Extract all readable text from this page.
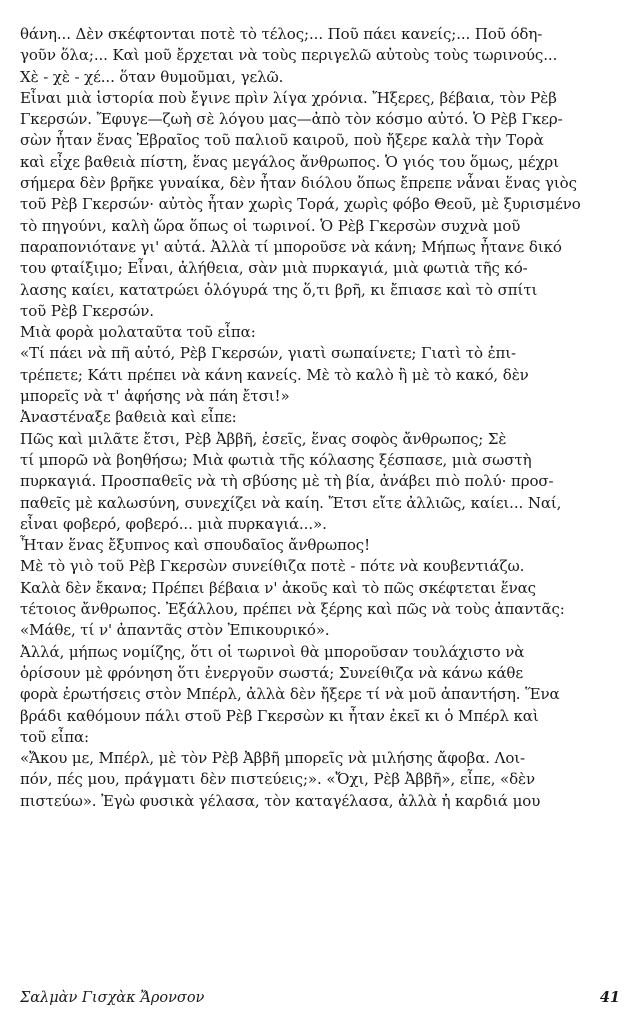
θάνη... Δὲν σκέφτονται ποτὲ τὸ τέλος;... Ποῦ πάει κανείς;... Ποῦ όδη-
γοῦν ὅλα;... Καὶ μοῦ ἔρχεται νὰ τοὺς περιγελῶ αὐτοὺς τοὺς τωρινούς...
Χὲ - χὲ - χέ... ὅταν θυμοῦμαι, γελῶ.
Εἶναι μιὰ ἱστορία ποὺ ἔγινε πρὶν λίγα χρόνια. Ἤξερες, βέβαια, τὸν Ρὲβ
Γκερσών. Ἔφυγε—ζωὴ σὲ λόγου μας—ἀπὸ τὸν κόσμο αὐτό. Ὁ Ρὲβ Γκερ-
σὼν ἦταν ἕνας Ἑβραῖος τοῦ παλιοῦ καιροῦ, ποὺ ἤξερε καλὰ τὴν Τορὰ
καὶ εἶχε βαθειὰ πίστη, ἕνας μεγάλος ἄνθρωπος. Ὁ γιός του ὅμως, μέχρι
σήμερα δὲν βρῆκε γυναίκα, δὲν ἦταν διόλου ὅπως ἔπρεπε νἆναι ἕνας γιὸς
τοῦ Ρὲβ Γκερσών· αὐτὸς ἦταν χωρὶς Τορά, χωρὶς φόβο Θεοῦ, μὲ ξυρισμένο
τὸ πηγούνι, καλὴ ὥρα ὅπως οἱ τωρινοί. Ὁ Ρὲβ Γκερσὼν συχνὰ μοῦ
παραπονιότανε γι' αὐτά. Ἀλλὰ τί μποροῦσε νὰ κάνη; Μήπως ἦτανε δικό
του φταίξιμο; Εἶναι, ἀλήθεια, σὰν μιὰ πυρκαγιά, μιὰ φωτιὰ τῆς κό-
λασης καίει, κατατρώει ὁλόγυρά της ὅ,τι βρῆ, κι ἔπιασε καὶ τὸ σπίτι
τοῦ Ρὲβ Γκερσών.
Μιὰ φορὰ μολαταῦτα τοῦ εἶπα:
«Τί πάει νὰ πῆ αὐτό, Ρὲβ Γκερσών, γιατὶ σωπαίνετε; Γιατὶ τὸ ἐπι-
τρέπετε; Κάτι πρέπει νὰ κάνη κανείς. Μὲ τὸ καλὸ ἢ μὲ τὸ κακό, δὲν
μπορεῖς νὰ τ' ἀφήσης νὰ πάη ἔτσι!»
Ἀναστέναξε βαθειὰ καὶ εἶπε:
Πῶς καὶ μιλᾶτε ἔτσι, Ρὲβ Ἀββῆ, ἐσεῖς, ἕνας σοφὸς ἄνθρωπος; Σὲ
τί μπορῶ νὰ βοηθήσω; Μιὰ φωτιὰ τῆς κόλασης ξέσπασε, μιὰ σωστὴ
πυρκαγιά. Προσπαθεῖς νὰ τὴ σβύσης μὲ τὴ βία, ἀνάβει πιὸ πολύ· προσ-
παθεῖς μὲ καλωσύνη, συνεχίζει νὰ καίη. Ἔτσι εἴτε ἀλλιῶς, καίει... Ναί,
εἶναι φοβερό, φοβερό... μιὰ πυρκαγιά...».
Ἦταν ἕνας ἔξυπνος καὶ σπουδαῖος ἄνθρωπος!
Μὲ τὸ γιὸ τοῦ Ρὲβ Γκερσὼν συνείθιζα ποτὲ - πότε νὰ κουβεντιάζω.
Καλὰ δὲν ἔκανα; Πρέπει βέβαια ν' ἀκοῦς καὶ τὸ πῶς σκέφτεται ἕνας
τέτοιος ἄνθρωπος. Ἐξάλλου, πρέπει νὰ ξέρης καὶ πῶς νὰ τοὺς ἀπαντᾶς:
«Μάθε, τί ν' ἀπαντᾶς στὸν Ἐπικουρικό».
Ἀλλά, μήπως νομίζης, ὅτι οἱ τωρινοὶ θὰ μποροῦσαν τουλάχιστο νὰ
ὁρίσουν μὲ φρόνηση ὅτι ἐνεργοῦν σωστά; Συνείθιζα νὰ κάνω κάθε
φορὰ ἐρωτήσεις στὸν Μπέρλ, ἀλλὰ δὲν ἤξερε τί νὰ μοῦ ἀπαντήση. Ἕνα
βράδι καθόμουν πάλι στοῦ Ρὲβ Γκερσὼν κι ἦταν ἐκεῖ κι ὁ Μπέρλ καὶ
τοῦ εἶπα:
«Ἄκου με, Μπέρλ, μὲ τὸν Ρὲβ Ἀββῆ μπορεῖς νὰ μιλήσης ἄφοβα. Λοι-
πόν, πές μου, πράγματι δὲν πιστεύεις;». «Ὄχι, Ρὲβ Ἀββῆ», εἶπε, «δὲν
πιστεύω». Ἐγὼ φυσικὰ γέλασα, τὸν καταγέλασα, ἀλλὰ ἡ καρδιά μου
Σαλμὰν Γισχὰκ Ἄρονσον	41
